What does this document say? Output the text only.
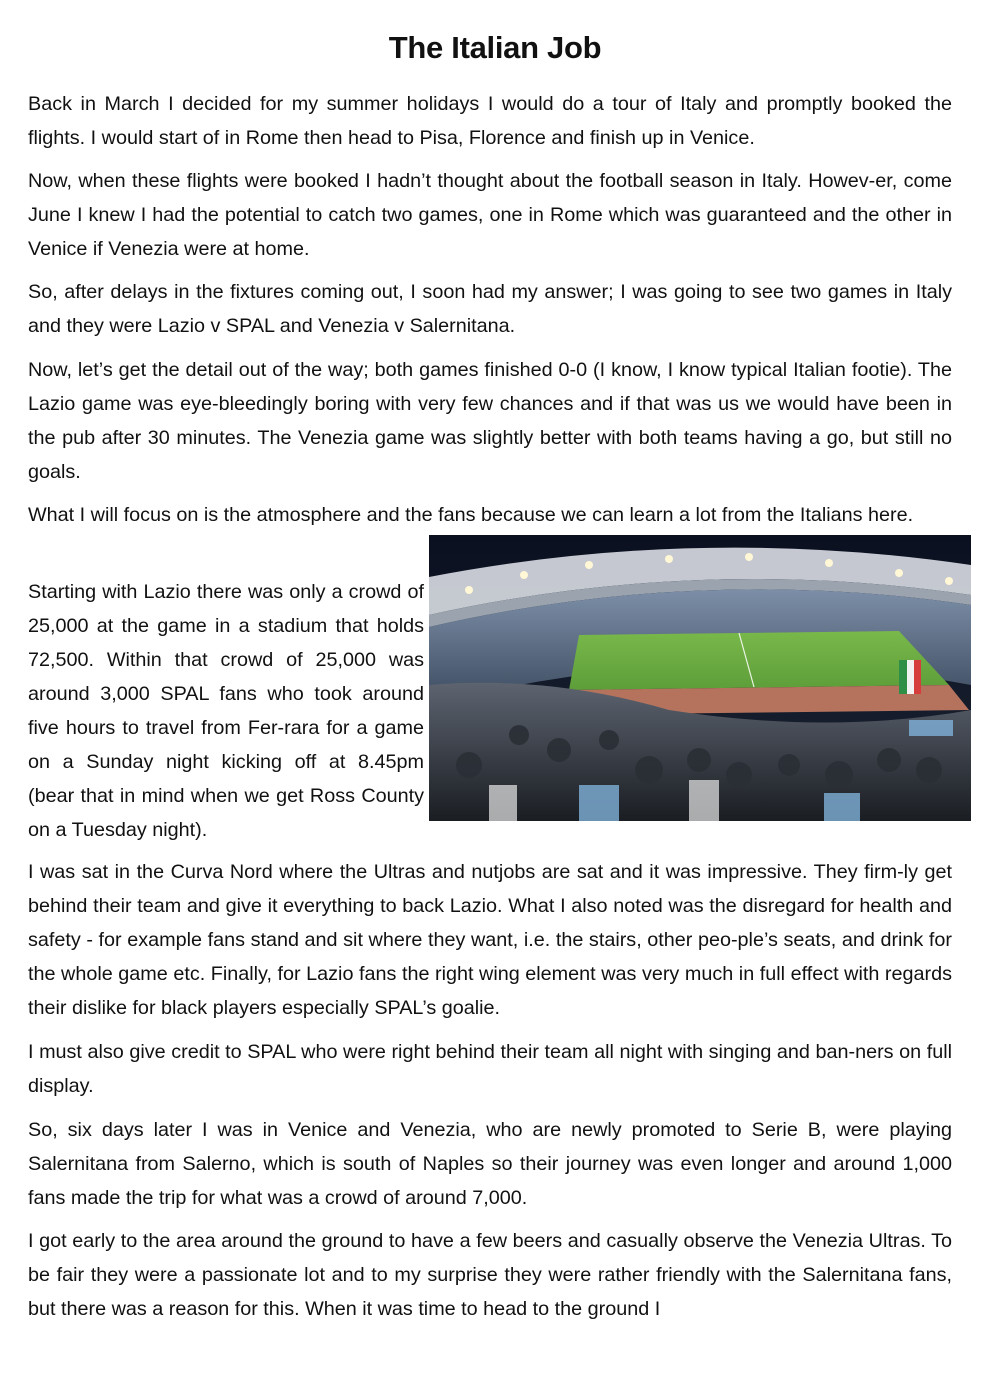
The Italian Job

Back in March I decided for my summer holidays I would do a tour of Italy and promptly booked the flights. I would start of in Rome then head to Pisa, Florence and finish up in Venice.

Now, when these flights were booked I hadn’t thought about the football season in Italy. Howev-er, come June I knew I had the potential to catch two games, one in Rome which was guaranteed and the other in Venice if Venezia were at home.

So, after delays in the fixtures coming out, I soon had my answer; I was going to see two games in Italy and they were Lazio v SPAL and Venezia v Salernitana.

Now, let’s get the detail out of the way; both games finished 0-0 (I know, I know typical Italian footie). The Lazio game was eye-bleedingly boring with very few chances and if that was us we would have been in the pub after 30 minutes. The Venezia game was slightly better with both teams having a go, but still no goals.

What I will focus on is the atmosphere and the fans because we can learn a lot from the Italians here.

Starting with Lazio there was only a crowd of 25,000 at the game in a stadium that holds 72,500. Within that crowd of 25,000 was around 3,000 SPAL fans who took around five hours to travel from Fer-rara for a game on a Sunday night kicking off at 8.45pm (bear that in mind when we get Ross County on a Tuesday night).

I was sat in the Curva Nord where the Ultras and nutjobs are sat and it was impressive. They firm-ly get behind their team and give it everything to back Lazio. What I also noted was the disregard for health and safety - for example fans stand and sit where they want, i.e. the stairs, other peo-ple’s seats, and drink for the whole game etc. Finally, for Lazio fans the right wing element was very much in full effect with regards their dislike for black players especially SPAL’s goalie.

I must also give credit to SPAL who were right behind their team all night with singing and ban-ners on full display.

So, six days later I was in Venice and Venezia, who are newly promoted to Serie B, were playing Salernitana from Salerno, which is south of Naples so their journey was even longer and around 1,000 fans made the trip for what was a crowd of around 7,000.

I got early to the area around the ground to have a few beers and casually observe the Venezia Ultras. To be fair they were a passionate lot and to my surprise they were rather friendly with the Salernitana fans, but there was a reason for this. When it was time to head to the ground I
